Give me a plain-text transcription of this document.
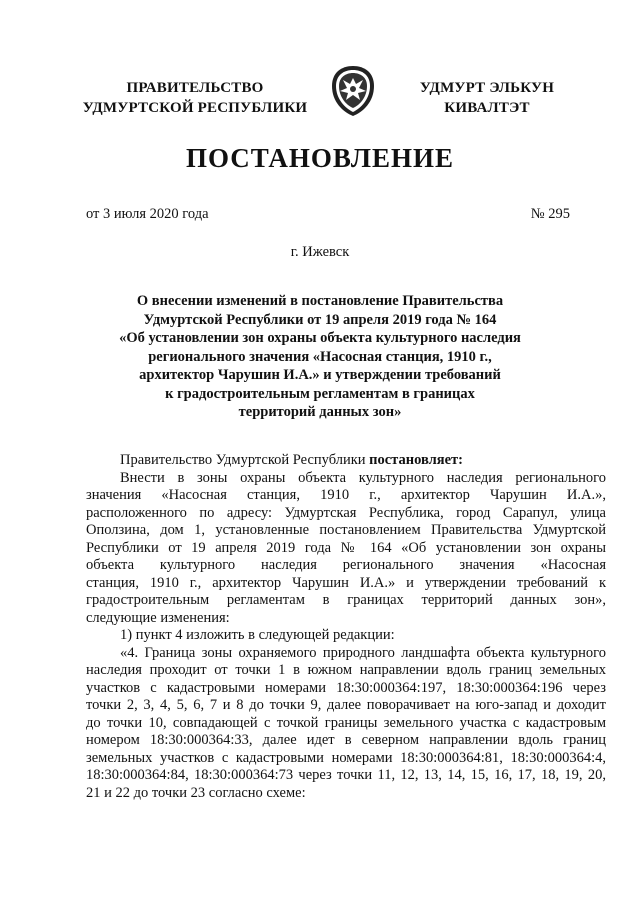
ПРАВИТЕЛЬСТВО
УДМУРТСКОЙ РЕСПУБЛИКИ
УДМУРТ ЭЛЬКУН
КИВАЛТЭТ
ПОСТАНОВЛЕНИЕ
от 3 июля 2020 года	№ 295
г. Ижевск
О внесении изменений в постановление Правительства
Удмуртской Республики от 19 апреля 2019 года № 164
«Об установлении зон охраны объекта культурного наследия
регионального значения «Насосная станция, 1910 г.,
архитектор Чарушин И.А.» и утверждении требований
к градостроительным регламентам в границах
территорий данных зон»
Правительство Удмуртской Республики постановляет:
Внести в зоны охраны объекта культурного наследия регионального
значения «Насосная станция, 1910 г., архитектор Чарушин И.А.»,
расположенного по адресу: Удмуртская Республика, город Сарапул, улица
Оползина, дом 1, установленные постановлением Правительства Удмуртской
Республики от 19 апреля 2019 года № 164 «Об установлении зон охраны
объекта культурного наследия регионального значения «Насосная
станция, 1910 г., архитектор Чарушин И.А.» и утверждении требований к
градостроительным регламентам в границах территорий данных зон»,
следующие изменения:
1) пункт 4 изложить в следующей редакции:
«4. Граница зоны охраняемого природного ландшафта объекта культурного
наследия проходит от точки 1 в южном направлении вдоль границ земельных
участков с кадастровыми номерами 18:30:000364:197, 18:30:000364:196 через
точки 2, 3, 4, 5, 6, 7 и 8 до точки 9, далее поворачивает на юго-запад и доходит
до точки 10, совпадающей с точкой границы земельного участка с кадастровым
номером 18:30:000364:33, далее идет в северном направлении вдоль границ
земельных участков с кадастровыми номерами 18:30:000364:81, 18:30:000364:4,
18:30:000364:84, 18:30:000364:73 через точки 11, 12, 13, 14, 15, 16, 17, 18, 19, 20,
21 и 22 до точки 23 согласно схеме:
